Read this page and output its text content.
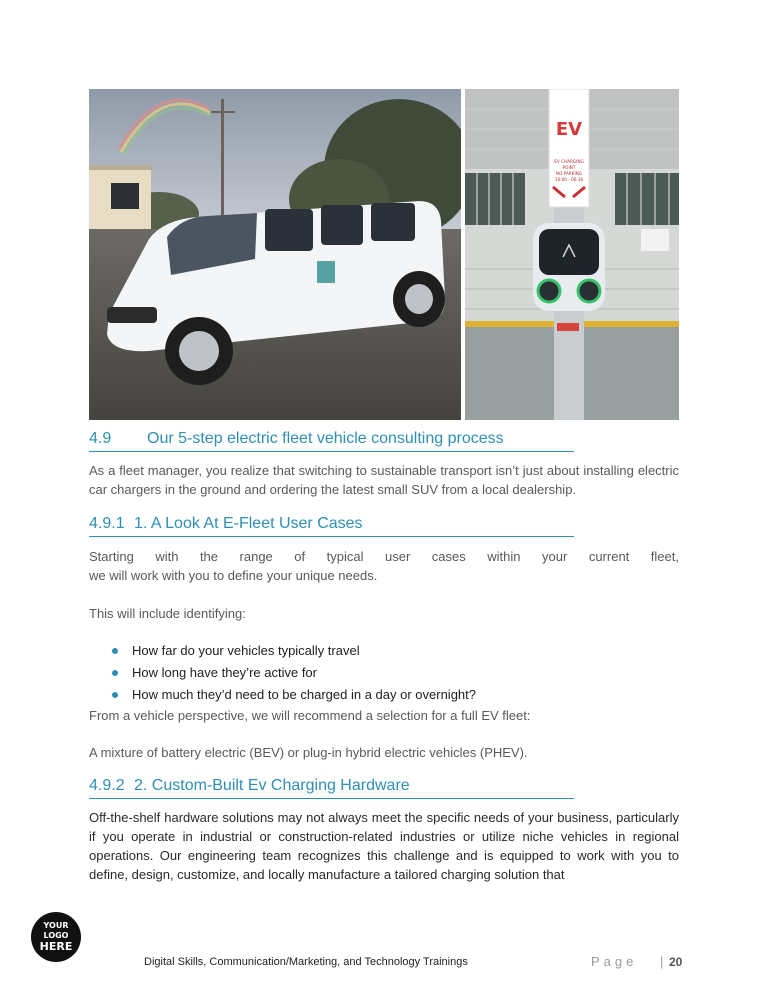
EV
EV CHARGING
POINT
NO PARKING
10:00 - 06:30
4.9 Our 5-step electric fleet vehicle consulting process

As a fleet manager, you realize that switching to sustainable transport isn’t just about installing electric car chargers in the ground and ordering the latest small SUV from a local dealership.

4.9.1 1. A Look At E-Fleet User Cases

Starting with the range of typical user cases within your current fleet,

we will work with you to define your unique needs.

This will include identifying:

How far do your vehicles typically travel
How long have they’re active for
How much they’d need to be charged in a day or overnight?

From a vehicle perspective, we will recommend a selection for a full EV fleet:

A mixture of battery electric (BEV) or plug-in hybrid electric vehicles (PHEV).

4.9.2 2. Custom-Built Ev Charging Hardware

Off-the-shelf hardware solutions may not always meet the specific needs of your business, particularly if you operate in industrial or construction-related industries or utilize niche vehicles in regional operations. Our engineering team recognizes this challenge and is equipped to work with you to define, design, customize, and locally manufacture a tailored charging solution that

YOUR
LOGO
HERE
Digital Skills, Communication/Marketing, and Technology Trainings	Page | 20
